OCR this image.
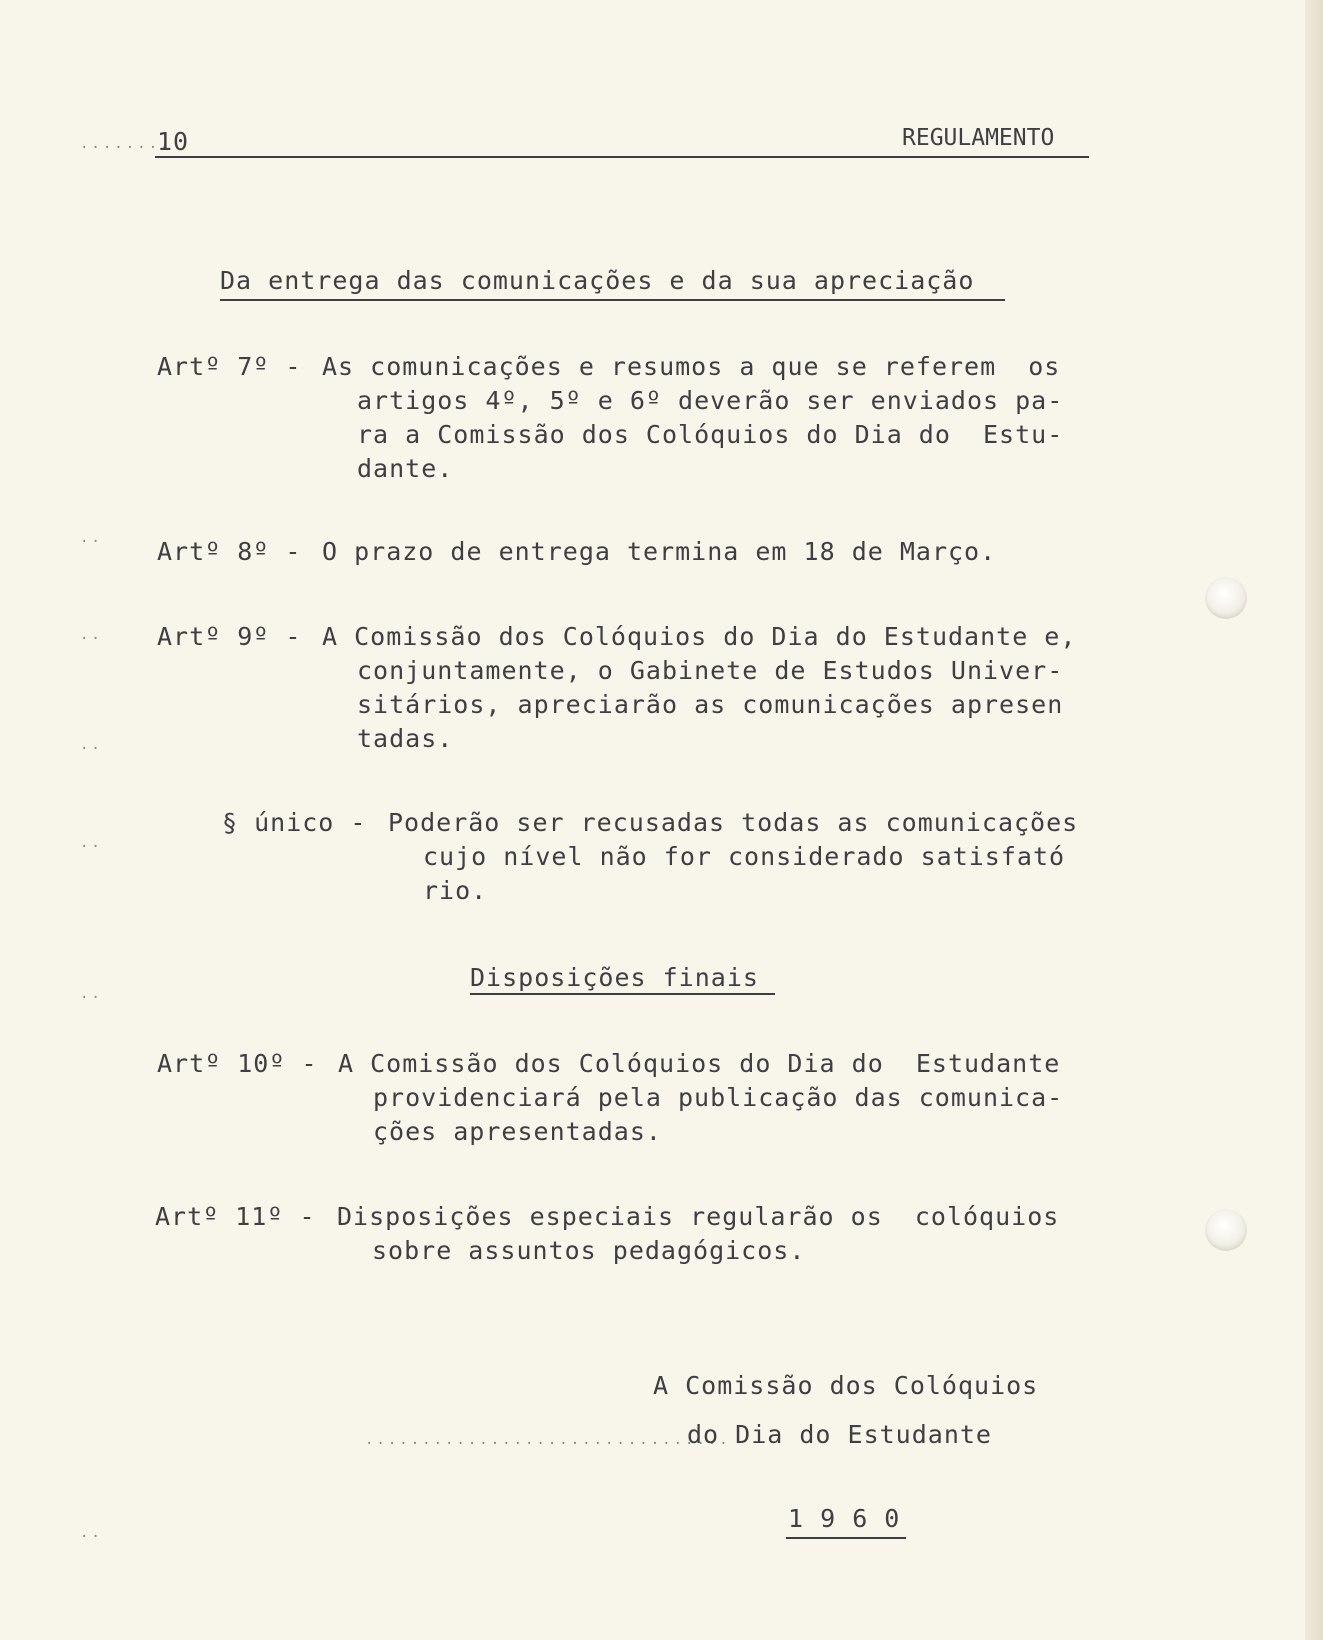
........
10	REGULAMENTO
Da entrega das comunicações e da sua apreciação
Artº 7º - As comunicações e resumos a que se referem  os
artigos 4º, 5º e 6º deverão ser enviados pa-
ra a Comissão dos Colóquios do Dia do  Estu-
dante.
Artº 8º - O prazo de entrega termina em 18 de Março.
Artº 9º - A Comissão dos Colóquios do Dia do Estudante e,
conjuntamente, o Gabinete de Estudos Univer-
sitários, apreciarão as comunicações apresen
tadas.
§ único - Poderão ser recusadas todas as comunicações
cujo nível não for considerado satisfató
rio.
Disposições finais
Artº 10º - A Comissão dos Colóquios do Dia do  Estudante
providenciará pela publicação das comunica-
ções apresentadas.
Artº 11º - Disposições especiais regularão os  colóquios
sobre assuntos pedagógicos.
A Comissão dos Colóquios
................................
do Dia do Estudante
1 9 6 0
..
..
..
..
..
..
